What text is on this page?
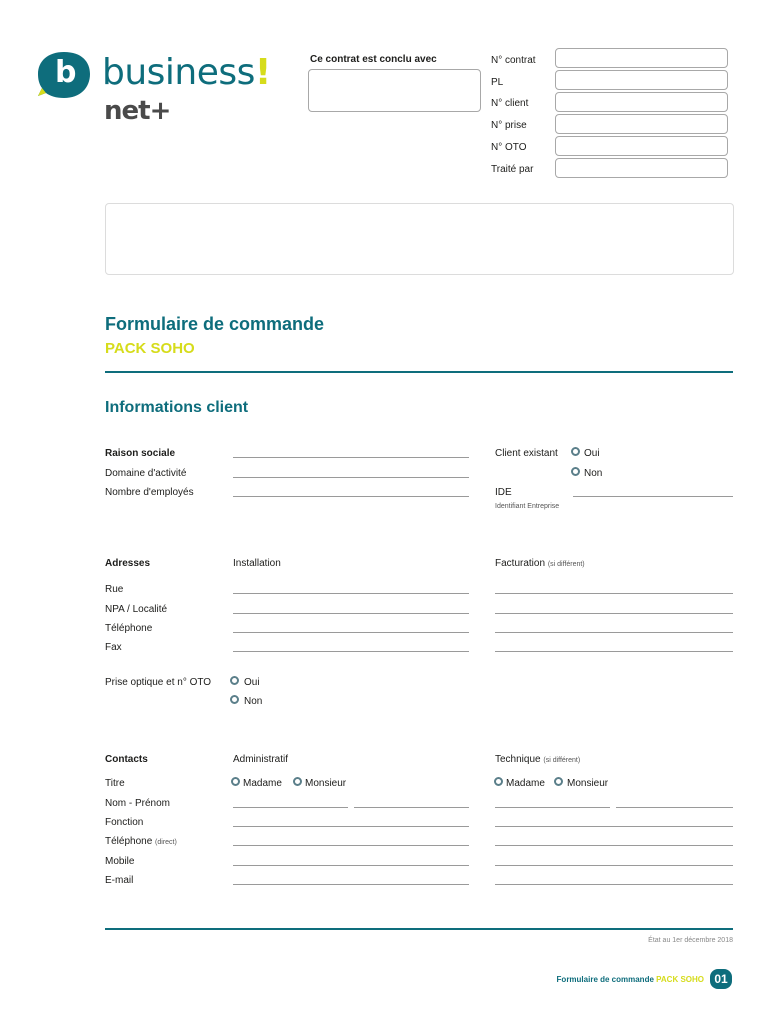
b business!
net+
Ce contrat est conclu avec	N° contrat
PL
N° client
N° prise
N° OTO
Traité par
Formulaire de commande
PACK SOHO
Informations client
Raison sociale
Domaine d'activité
Nombre d'employés
Client existant	Oui
Non
IDE
Identifiant Entreprise
Adresses	Installation	Facturation (si différent)
Rue
NPA / Localité
Téléphone
Fax
Prise optique et n° OTO	Oui
Non
Contacts	Administratif	Technique (si différent)
Titre	Madame Monsieur	Madame Monsieur
Nom - Prénom
Fonction
Téléphone (direct)
Mobile
E-mail
État au 1er décembre 2018
Formulaire de commande PACK SOHO 01
